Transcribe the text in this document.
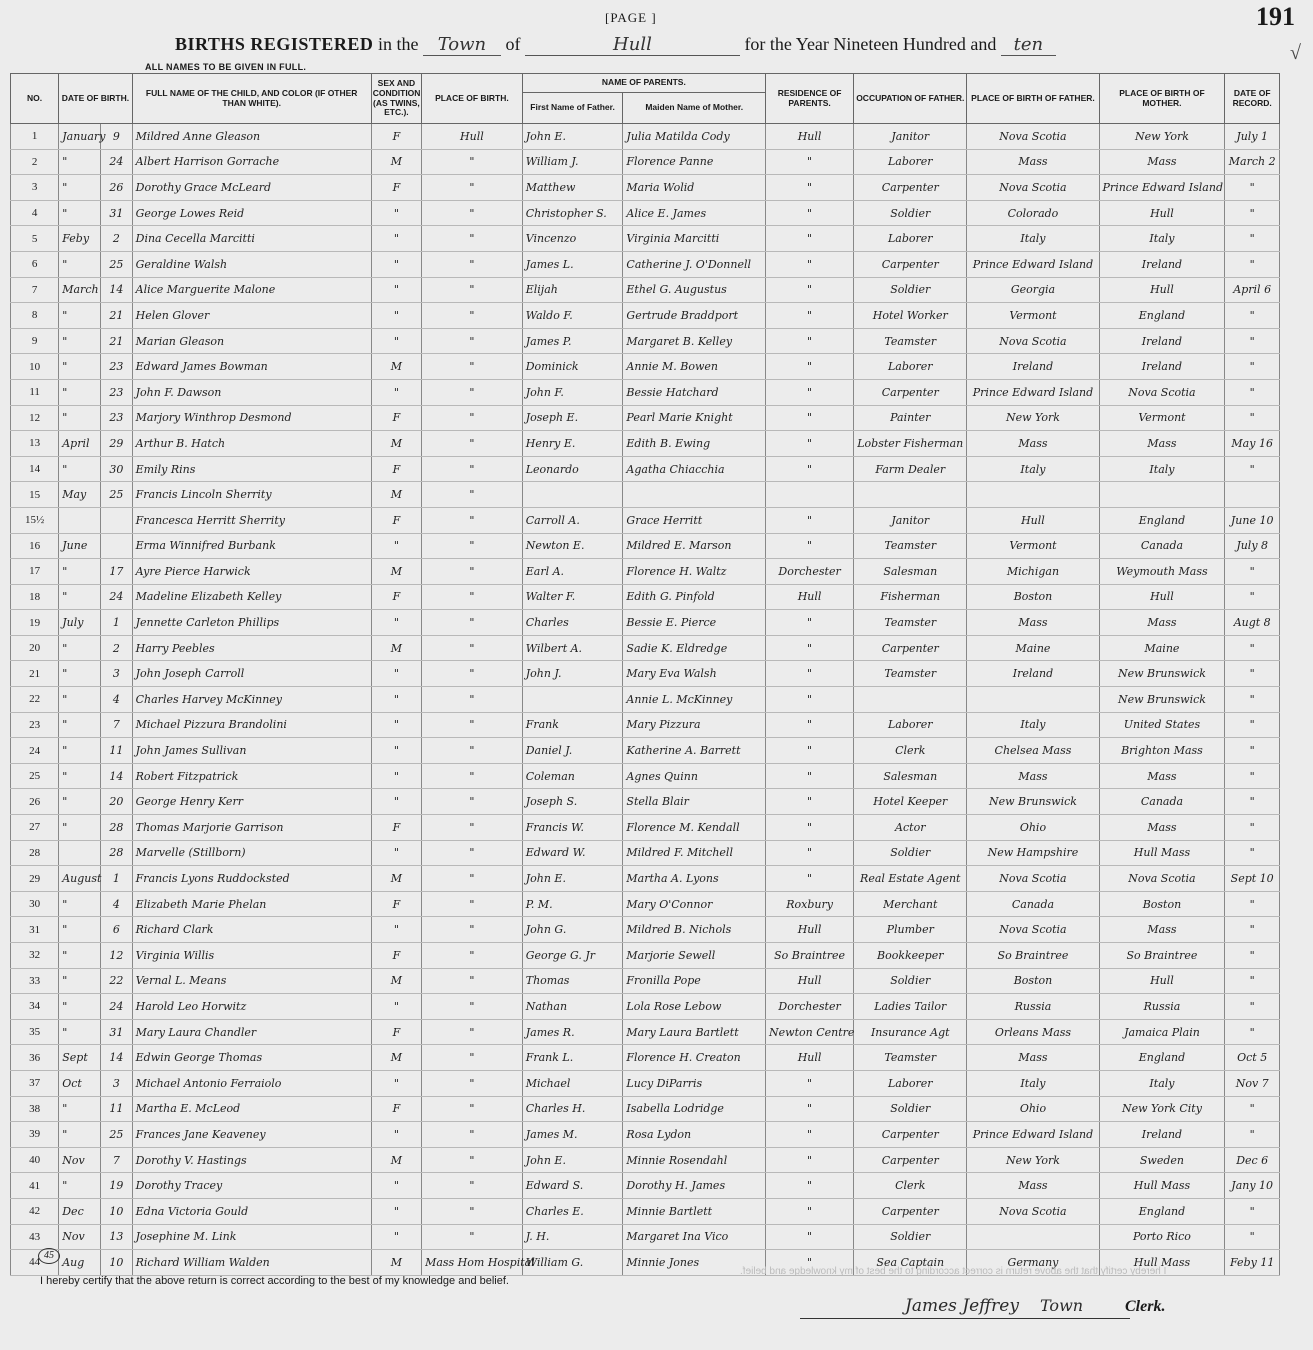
[PAGE ]	191
√
BIRTHS REGISTERED in the Town of	Hull	for the Year Nineteen Hundred and ten
ALL NAMES TO BE GIVEN IN FULL.
NO.	DATE OF BIRTH.		FULL NAME OF THE CHILD, AND COLOR (IF OTHER THAN WHITE).	SEX AND CONDITION (AS TWINS, ETC.).	PLACE OF BIRTH.	NAME OF PARENTS.		RESIDENCE OF PARENTS.	OCCUPATION OF FATHER.	PLACE OF BIRTH OF FATHER.	PLACE OF BIRTH OF MOTHER.	DATE OF RECORD.
						First Name of Father.	Maiden Name of Mother.					
1	January	9	Mildred Anne Gleason	F	Hull	John E.	Julia Matilda Cody	Hull	Janitor	Nova Scotia	New York	July 1
2	"	24	Albert Harrison Gorrache	M	"	William J.	Florence Panne	"	Laborer	Mass	Mass	March 2
3	"	26	Dorothy Grace McLeard	F	"	Matthew	Maria Wolid	"	Carpenter	Nova Scotia	Prince Edward Island	"
4	"	31	George Lowes Reid	"	"	Christopher S.	Alice E. James	"	Soldier	Colorado	Hull	"
5	Feby	2	Dina Cecella Marcitti	"	"	Vincenzo	Virginia Marcitti	"	Laborer	Italy	Italy	"
6	"	25	Geraldine Walsh	"	"	James L.	Catherine J. O'Donnell	"	Carpenter	Prince Edward Island	Ireland	"
7	March	14	Alice Marguerite Malone	"	"	Elijah	Ethel G. Augustus	"	Soldier	Georgia	Hull	April 6
8	"	21	Helen Glover	"	"	Waldo F.	Gertrude Braddport	"	Hotel Worker	Vermont	England	"
9	"	21	Marian Gleason	"	"	James P.	Margaret B. Kelley	"	Teamster	Nova Scotia	Ireland	"
10	"	23	Edward James Bowman	M	"	Dominick	Annie M. Bowen	"	Laborer	Ireland	Ireland	"
11	"	23	John F. Dawson	"	"	John F.	Bessie Hatchard	"	Carpenter	Prince Edward Island	Nova Scotia	"
12	"	23	Marjory Winthrop Desmond	F	"	Joseph E.	Pearl Marie Knight	"	Painter	New York	Vermont	"
13	April	29	Arthur B. Hatch	M	"	Henry E.	Edith B. Ewing	"	Lobster Fisherman	Mass	Mass	May 16
14	"	30	Emily Rins	F	"	Leonardo	Agatha Chiacchia	"	Farm Dealer	Italy	Italy	"
15	May	25	Francis Lincoln Sherrity	M	"							
15½			Francesca Herritt Sherrity	F	"	Carroll A.	Grace Herritt	"	Janitor	Hull	England	June 10
16	June		Erma Winnifred Burbank	"	"	Newton E.	Mildred E. Marson	"	Teamster	Vermont	Canada	July 8
17	"	17	Ayre Pierce Harwick	M	"	Earl A.	Florence H. Waltz	Dorchester	Salesman	Michigan	Weymouth Mass	"
18	"	24	Madeline Elizabeth Kelley	F	"	Walter F.	Edith G. Pinfold	Hull	Fisherman	Boston	Hull	"
19	July	1	Jennette Carleton Phillips	"	"	Charles	Bessie E. Pierce	"	Teamster	Mass	Mass	Augt 8
20	"	2	Harry Peebles	M	"	Wilbert A.	Sadie K. Eldredge	"	Carpenter	Maine	Maine	"
21	"	3	John Joseph Carroll	"	"	John J.	Mary Eva Walsh	"	Teamster	Ireland	New Brunswick	"
22	"	4	Charles Harvey McKinney	"	"		Annie L. McKinney	"			New Brunswick	"
23	"	7	Michael Pizzura Brandolini	"	"	Frank	Mary Pizzura	"	Laborer	Italy	United States	"
24	"	11	John James Sullivan	"	"	Daniel J.	Katherine A. Barrett	"	Clerk	Chelsea Mass	Brighton Mass	"
25	"	14	Robert Fitzpatrick	"	"	Coleman	Agnes Quinn	"	Salesman	Mass	Mass	"
26	"	20	George Henry Kerr	"	"	Joseph S.	Stella Blair	"	Hotel Keeper	New Brunswick	Canada	"
27	"	28	Thomas Marjorie Garrison	F	"	Francis W.	Florence M. Kendall	"	Actor	Ohio	Mass	"
28		28	Marvelle (Stillborn)	"	"	Edward W.	Mildred F. Mitchell	"	Soldier	New Hampshire	Hull Mass	"
29	August	1	Francis Lyons Ruddocksted	M	"	John E.	Martha A. Lyons	"	Real Estate Agent	Nova Scotia	Nova Scotia	Sept 10
30	"	4	Elizabeth Marie Phelan	F	"	P. M.	Mary O'Connor	Roxbury	Merchant	Canada	Boston	"
31	"	6	Richard Clark	"	"	John G.	Mildred B. Nichols	Hull	Plumber	Nova Scotia	Mass	"
32	"	12	Virginia Willis	F	"	George G. Jr	Marjorie Sewell	So Braintree	Bookkeeper	So Braintree	So Braintree	"
33	"	22	Vernal L. Means	M	"	Thomas	Fronilla Pope	Hull	Soldier	Boston	Hull	"
34	"	24	Harold Leo Horwitz	"	"	Nathan	Lola Rose Lebow	Dorchester	Ladies Tailor	Russia	Russia	"
35	"	31	Mary Laura Chandler	F	"	James R.	Mary Laura Bartlett	Newton Centre	Insurance Agt	Orleans Mass	Jamaica Plain	"
36	Sept	14	Edwin George Thomas	M	"	Frank L.	Florence H. Creaton	Hull	Teamster	Mass	England	Oct 5
37	Oct	3	Michael Antonio Ferraiolo	"	"	Michael	Lucy DiParris	"	Laborer	Italy	Italy	Nov 7
38	"	11	Martha E. McLeod	F	"	Charles H.	Isabella Lodridge	"	Soldier	Ohio	New York City	"
39	"	25	Frances Jane Keaveney	"	"	James M.	Rosa Lydon	"	Carpenter	Prince Edward Island	Ireland	"
40	Nov	7	Dorothy V. Hastings	M	"	John E.	Minnie Rosendahl	"	Carpenter	New York	Sweden	Dec 6
41	"	19	Dorothy Tracey	"	"	Edward S.	Dorothy H. James	"	Clerk	Mass	Hull Mass	Jany 10
42	Dec	10	Edna Victoria Gould	"	"	Charles E.	Minnie Bartlett	"	Carpenter	Nova Scotia	England	"
43	Nov	13	Josephine M. Link	"	"	J. H.	Margaret Ina Vico	"	Soldier		Porto Rico	"
44	Aug	10	Richard William Walden	M	Mass Hom Hospital	William G.	Minnie Jones	"	Sea Captain	Germany	Hull Mass	Feby 11
45
I hereby certify that the above return is correct according to the best of my knowledge and belief.
I hereby certify that the above return is correct according to the best of my knowledge and belief.
James Jeffrey Town	Clerk.
